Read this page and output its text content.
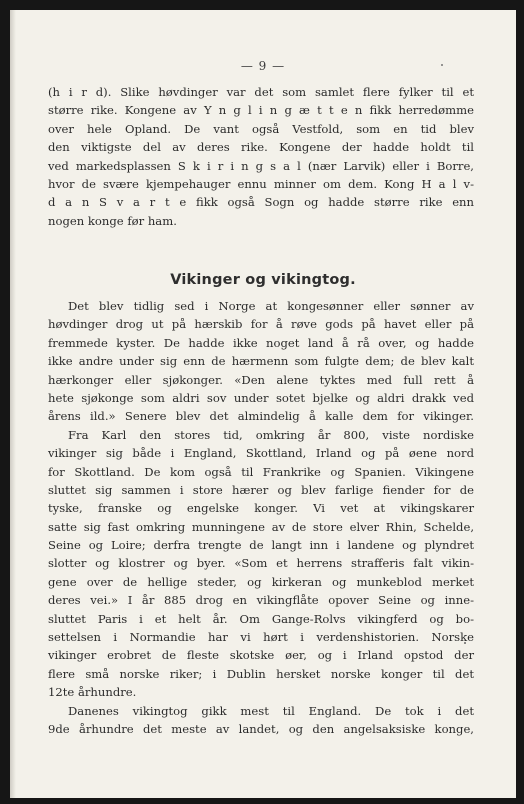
— 9 —
(h i r d). Slike høvdinger var det som samlet flere fylker til et
større rike. Kongene av Y n g l i n g æ t t e n fikk herredømme
over hele Opland. De vant også Vestfold, som en tid blev
den viktigste del av deres rike. Kongene der hadde holdt til
ved markedsplassen S k i r i n g s a l (nær Larvik) eller i Borre,
hvor de svære kjempehauger ennu minner om dem. Kong H a l v-
d a n S v a r t e fikk også Sogn og hadde større rike enn
nogen konge før ham.
Vikinger og vikingtog.
Det blev tidlig sed i Norge at kongesønner eller sønner av
høvdinger drog ut på hærskib for å røve gods på havet eller på
fremmede kyster. De hadde ikke noget land å rå over, og hadde
ikke andre under sig enn de hærmenn som fulgte dem; de blev kalt
hærkonger eller sjøkonger. «Den alene tyktes med full rett å
hete sjøkonge som aldri sov under sotet bjelke og aldri drakk ved
årens ild.» Senere blev det almindelig å kalle dem for vikinger.
Fra Karl den stores tid, omkring år 800, viste nordiske
vikinger sig både i England, Skottland, Irland og på øene nord
for Skottland. De kom også til Frankrike og Spanien. Vikingene
sluttet sig sammen i store hærer og blev farlige fiender for de
tyske, franske og engelske konger. Vi vet at vikingskarer
satte sig fast omkring munningene av de store elver Rhin, Schelde,
Seine og Loire; derfra trengte de langt inn i landene og plyndret
slotter og klostrer og byer. «Som et herrens strafferis falt vikin-
gene over de hellige steder, og kirkeran og munkeblod merket
deres vei.» I år 885 drog en vikingflåte opover Seine og inne-
sluttet Paris i et helt år. Om Gange-Rolvs vikingferd og bo-
settelsen i Normandie har vi hørt i verdenshistorien. Norske
vikinger erobret de fleste skotske øer, og i Irland opstod der
flere små norske riker; i Dublin hersket norske konger til det
12te århundre.
Danenes vikingtog gikk mest til England. De tok i det
9de århundre det meste av landet, og den angelsaksiske konge,
